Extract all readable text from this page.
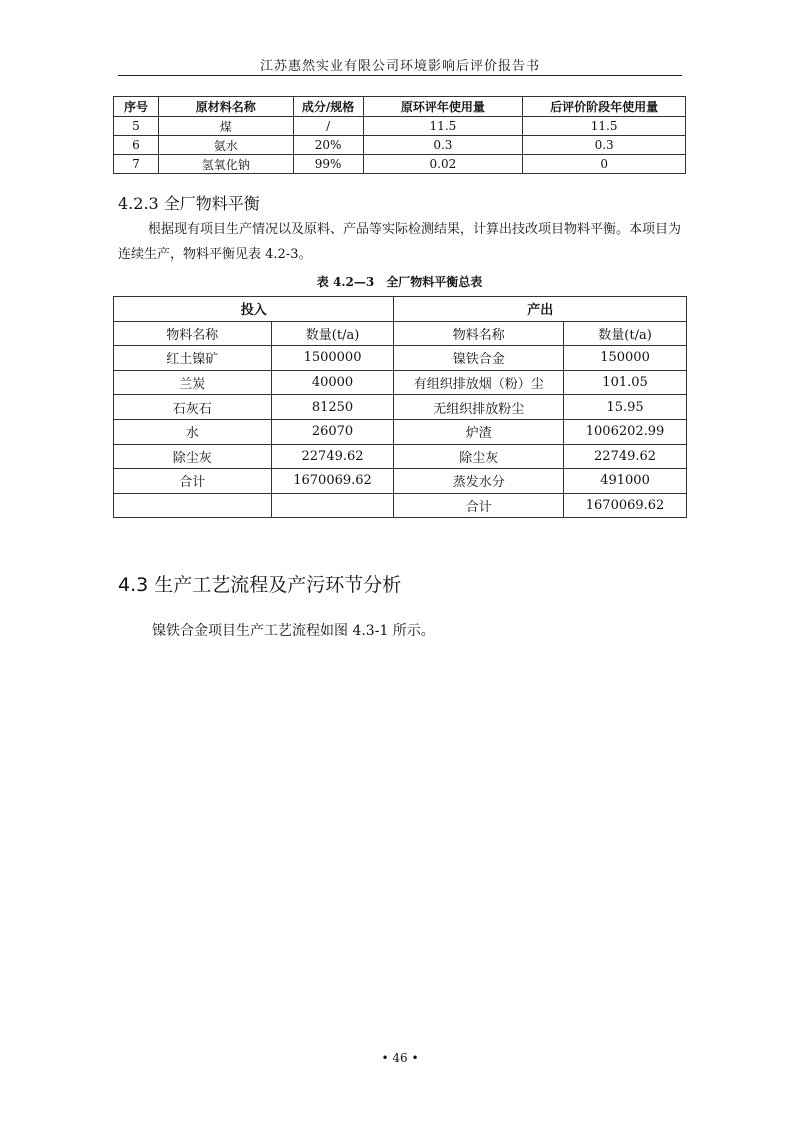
江苏惠然实业有限公司环境影响后评价报告书
序号	原材料名称	成分/规格	原环评年使用量	后评价阶段年使用量
5	煤	/	11.5	11.5
6	氨水	20%	0.3	0.3
7	氢氧化钠	99%	0.02	0
4.2.3 全厂物料平衡
根据现有项目生产情况以及原料、产品等实际检测结果，计算出技改项目物料平衡。本项目为连续生产，物料平衡见表 4.2-3。
表 4.2—3　全厂物料平衡总表
投入		产出	
物料名称	数量(t/a)	物料名称	数量(t/a)
红土镍矿	1500000	镍铁合金	150000
兰炭	40000	有组织排放烟（粉）尘	101.05
石灰石	81250	无组织排放粉尘	15.95
水	26070	炉渣	1006202.99
除尘灰	22749.62	除尘灰	22749.62
合计	1670069.62	蒸发水分	491000
		合计	1670069.62
4.3 生产工艺流程及产污环节分析
镍铁合金项目生产工艺流程如图 4.3-1 所示。
• 46 •
